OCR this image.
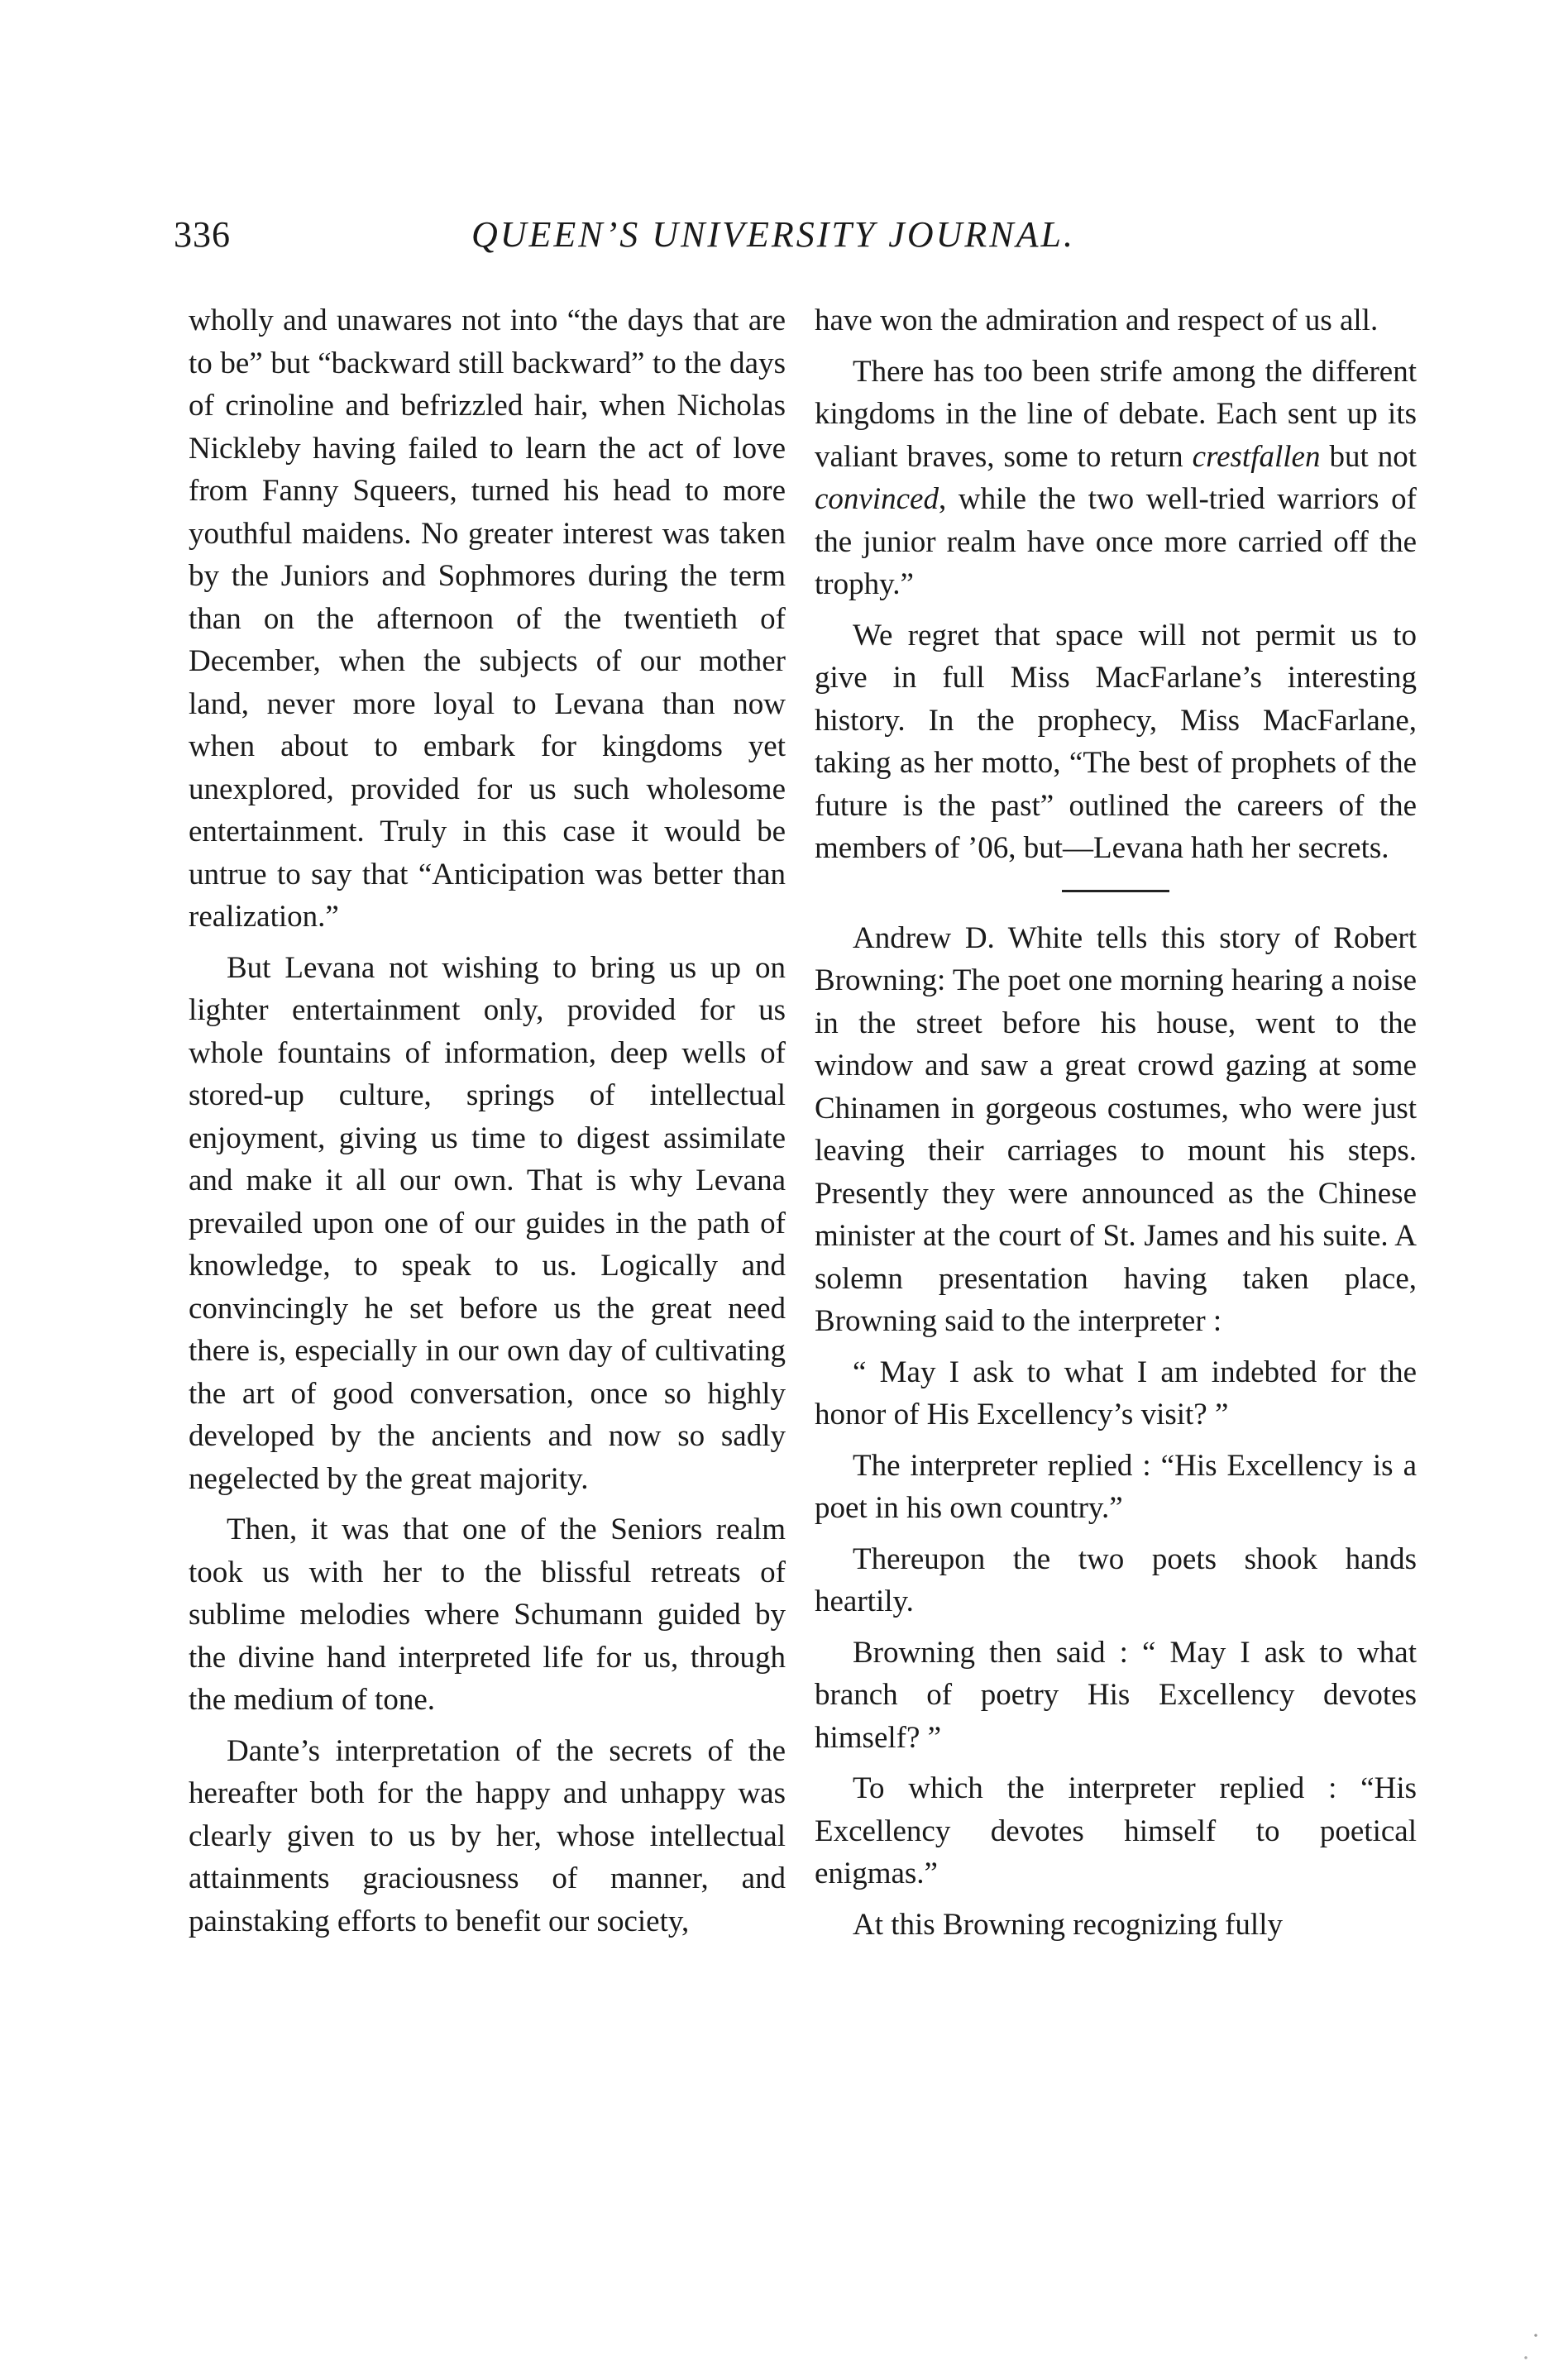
336	QUEEN’S UNIVERSITY JOURNAL.

wholly and unawares not into “the days that are to be” but “backward still backward” to the days of crinoline and befrizzled hair, when Nicholas Nickleby having failed to learn the act of love from Fanny Squeers, turned his head to more youthful maidens. No greater interest was taken by the Juniors and Sophmores during the term than on the afternoon of the twentieth of December, when the subjects of our mother land, never more loyal to Levana than now when about to embark for kingdoms yet unexplored, provided for us such wholesome entertainment. Truly in this case it would be untrue to say that “Anticipation was better than realization.”

But Levana not wishing to bring us up on lighter entertainment only, provided for us whole fountains of information, deep wells of stored-up culture, springs of intellectual enjoyment, giving us time to digest assimilate and make it all our own. That is why Levana prevailed upon one of our guides in the path of knowledge, to speak to us. Logically and convincingly he set before us the great need there is, especially in our own day of cultivating the art of good conversation, once so highly developed by the ancients and now so sadly negelected by the great majority.

Then, it was that one of the Seniors realm took us with her to the blissful retreats of sublime melodies where Schumann guided by the divine hand interpreted life for us, through the medium of tone.

Dante’s interpretation of the secrets of the hereafter both for the happy and unhappy was clearly given to us by her, whose intellectual attainments graciousness of manner, and painstaking efforts to benefit our society,

have won the admiration and respect of us all.

There has too been strife among the different kingdoms in the line of debate. Each sent up its valiant braves, some to return crestfallen but not convinced, while the two well-tried warriors of the junior realm have once more carried off the trophy.”

We regret that space will not permit us to give in full Miss MacFarlane’s interesting history. In the prophecy, Miss MacFarlane, taking as her motto, “The best of prophets of the future is the past” outlined the careers of the members of ’06, but—Levana hath her secrets.

Andrew D. White tells this story of Robert Browning: The poet one morning hearing a noise in the street before his house, went to the window and saw a great crowd gazing at some Chinamen in gorgeous costumes, who were just leaving their carriages to mount his steps. Presently they were announced as the Chinese minister at the court of St. James and his suite. A solemn presentation having taken place, Browning said to the interpreter :

“ May I ask to what I am indebted for the honor of His Excellency’s visit? ”

The interpreter replied : “His Excellency is a poet in his own country.”

Thereupon the two poets shook hands heartily.

Browning then said : “ May I ask to what branch of poetry His Excellency devotes himself? ”

To which the interpreter replied : “His Excellency devotes himself to poetical enigmas.”

At this Browning recognizing fully
